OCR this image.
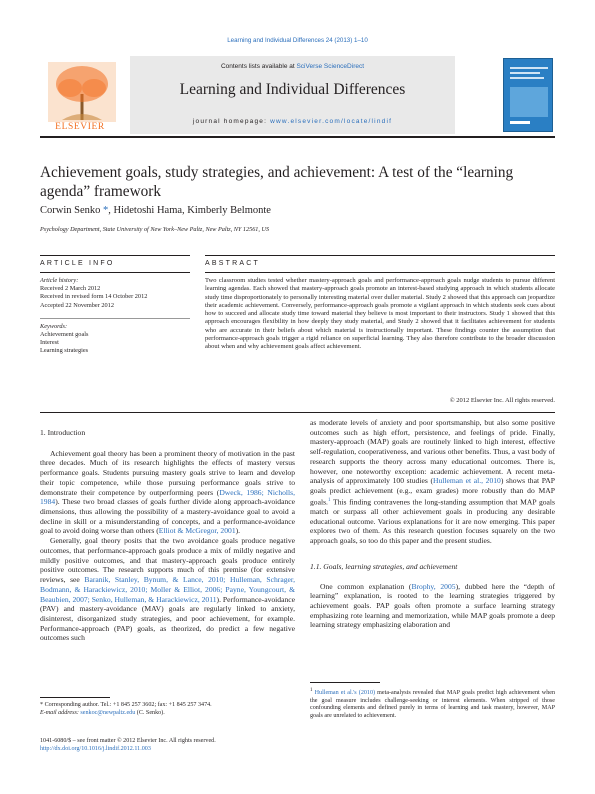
Learning and Individual Differences 24 (2013) 1–10
ELSEVIER
Contents lists available at SciVerse ScienceDirect
Learning and Individual Differences
journal homepage: www.elsevier.com/locate/lindif
Achievement goals, study strategies, and achievement: A test of the “learning agenda” framework
Corwin Senko *, Hidetoshi Hama, Kimberly Belmonte
Psychology Department, State University of New York–New Paltz, New Paltz, NY 12561, US
ARTICLE INFO	ABSTRACT
Article history:
Received 2 March 2012
Received in revised form 14 October 2012
Accepted 22 November 2012
Keywords:
Achievement goals
Interest
Learning strategies
Two classroom studies tested whether mastery-approach goals and performance-approach goals nudge students to pursue different learning agendas. Each showed that mastery-approach goals promote an interest-based studying approach in which students allocate study time disproportionately to personally interesting material over duller material. Study 2 showed that this approach can jeopardize their academic achievement. Conversely, performance-approach goals promote a vigilant approach in which students seek cues about how to succeed and allocate study time toward material they believe is most important to their instructors. Study 1 showed that this approach encourages flexibility in how deeply they study material, and Study 2 showed that it facilitates achievement for students who are accurate in their beliefs about which material is instructionally important. These findings counter the assumption that performance-approach goals trigger a rigid reliance on superficial learning. They also therefore contribute to the broader discussion about when and why achievement goals affect achievement.
© 2012 Elsevier Inc. All rights reserved.
1. Introduction

Achievement goal theory has been a prominent theory of motivation in the past three decades. Much of its research highlights the effects of mastery versus performance goals. Students pursuing mastery goals strive to learn and develop their topic competence, while those pursuing performance goals strive to demonstrate their competence by outperforming peers (Dweck, 1986; Nicholls, 1984). These two broad classes of goals further divide along approach-avoidance dimensions, thus allowing the possibility of a mastery-avoidance goal to avoid a decline in skill or a misunderstanding of concepts, and a performance-avoidance goal to avoid doing worse than others (Elliot & McGregor, 2001).

Generally, goal theory posits that the two avoidance goals produce negative outcomes, that performance-approach goals produce a mix of mildly negative and mildly positive outcomes, and that mastery-approach goals produce entirely positive outcomes. The research supports much of this premise (for extensive reviews, see Baranik, Stanley, Bynum, & Lance, 2010; Hulleman, Schrager, Bodmann, & Harackiewicz, 2010; Moller & Elliot, 2006; Payne, Youngcourt, & Beaubien, 2007; Senko, Hulleman, & Harackiewicz, 2011). Performance-avoidance (PAV) and mastery-avoidance (MAV) goals are regularly linked to anxiety, disinterest, disorganized study strategies, and poor achievement, for example. Performance-approach (PAP) goals, as theorized, do predict a few negative outcomes such

as moderate levels of anxiety and poor sportsmanship, but also some positive outcomes such as high effort, persistence, and feelings of pride. Finally, mastery-approach (MAP) goals are routinely linked to high interest, effective self-regulation, cooperativeness, and various other benefits. Thus, a vast body of research supports the theory across many educational outcomes. There is, however, one noteworthy exception: academic achievement. A recent meta-analysis of approximately 100 studies (Hulleman et al., 2010) shows that PAP goals predict achievement (e.g., exam grades) more robustly than do MAP goals.$^1$ This finding contravenes the long-standing assumption that MAP goals match or surpass all other achievement goals in producing any desirable educational outcome. Various explanations for it are now emerging. This paper explores two of them. As this research question focuses squarely on the two approach goals, so too do this paper and the present studies.

1.1. Goals, learning strategies, and achievement

One common explanation (Brophy, 2005), dubbed here the “depth of learning” explanation, is rooted to the learning strategies triggered by achievement goals. PAP goals often promote a surface learning strategy emphasizing rote learning and memorization, while MAP goals promote a deep learning strategy emphasizing elaboration and

* Corresponding author. Tel.: +1 845 257 3602; fax: +1 845 257 3474.
E-mail address: senkoc@newpaltz.edu (C. Senko).
1041-6080/$ – see front matter © 2012 Elsevier Inc. All rights reserved.
http://dx.doi.org/10.1016/j.lindif.2012.11.003
$^1$ Hulleman et al.'s (2010) meta-analysis revealed that MAP goals predict high achievement when the goal measure includes challenge-seeking or interest elements. When stripped of those confounding elements and defined purely in terms of learning and task mastery, however, MAP goals are unrelated to achievement.
